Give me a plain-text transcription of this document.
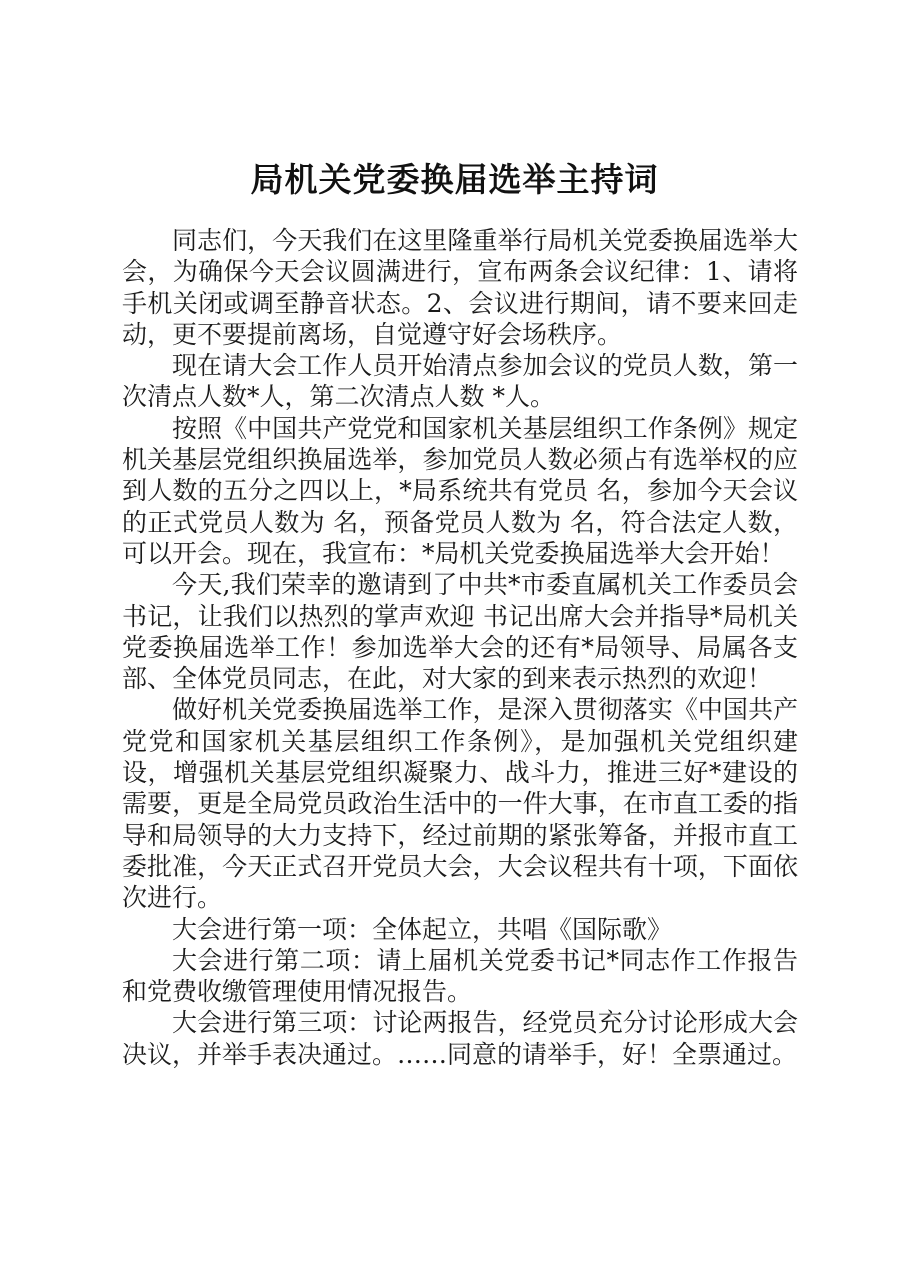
局机关党委换届选举主持词

同志们，今天我们在这里隆重举行局机关党委换届选举大会，为确保今天会议圆满进行，宣布两条会议纪律：1、请将手机关闭或调至静音状态。2、会议进行期间，请不要来回走动，更不要提前离场，自觉遵守好会场秩序。

现在请大会工作人员开始清点参加会议的党员人数，第一次清点人数*人，第二次清点人数 *人。

按照《中国共产党党和国家机关基层组织工作条例》规定机关基层党组织换届选举，参加党员人数必须占有选举权的应到人数的五分之四以上，*局系统共有党员 名，参加今天会议的正式党员人数为 名，预备党员人数为 名，符合法定人数，可以开会。现在，我宣布：*局机关党委换届选举大会开始！

今天,我们荣幸的邀请到了中共*市委直属机关工作委员会 书记，让我们以热烈的掌声欢迎 书记出席大会并指导*局机关党委换届选举工作！参加选举大会的还有*局领导、局属各支部、全体党员同志，在此，对大家的到来表示热烈的欢迎！

做好机关党委换届选举工作，是深入贯彻落实《中国共产党党和国家机关基层组织工作条例》，是加强机关党组织建设，增强机关基层党组织凝聚力、战斗力，推进三好*建设的需要，更是全局党员政治生活中的一件大事，在市直工委的指导和局领导的大力支持下，经过前期的紧张筹备，并报市直工委批准，今天正式召开党员大会，大会议程共有十项，下面依次进行。

大会进行第一项：全体起立，共唱《国际歌》

大会进行第二项：请上届机关党委书记*同志作工作报告和党费收缴管理使用情况报告。

大会进行第三项：讨论两报告，经党员充分讨论形成大会决议，并举手表决通过。……同意的请举手，好！全票通过。
